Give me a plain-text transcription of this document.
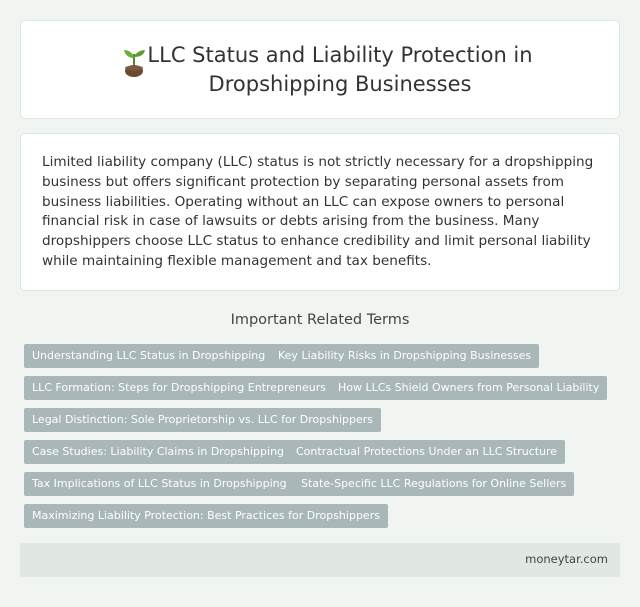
LLC Status and Liability Protection in Dropshipping Businesses

Limited liability company (LLC) status is not strictly necessary for a dropshipping business but offers significant protection by separating personal assets from business liabilities. Operating without an LLC can expose owners to personal financial risk in case of lawsuits or debts arising from the business. Many dropshippers choose LLC status to enhance credibility and limit personal liability while maintaining flexible management and tax benefits.

Important Related Terms
Understanding LLC Status in Dropshipping	Key Liability Risks in Dropshipping Businesses
LLC Formation: Steps for Dropshipping Entrepreneurs	How LLCs Shield Owners from Personal Liability
Legal Distinction: Sole Proprietorship vs. LLC for Dropshippers
Case Studies: Liability Claims in Dropshipping	Contractual Protections Under an LLC Structure
Tax Implications of LLC Status in Dropshipping	State-Specific LLC Regulations for Online Sellers
Maximizing Liability Protection: Best Practices for Dropshippers
moneytar.com
